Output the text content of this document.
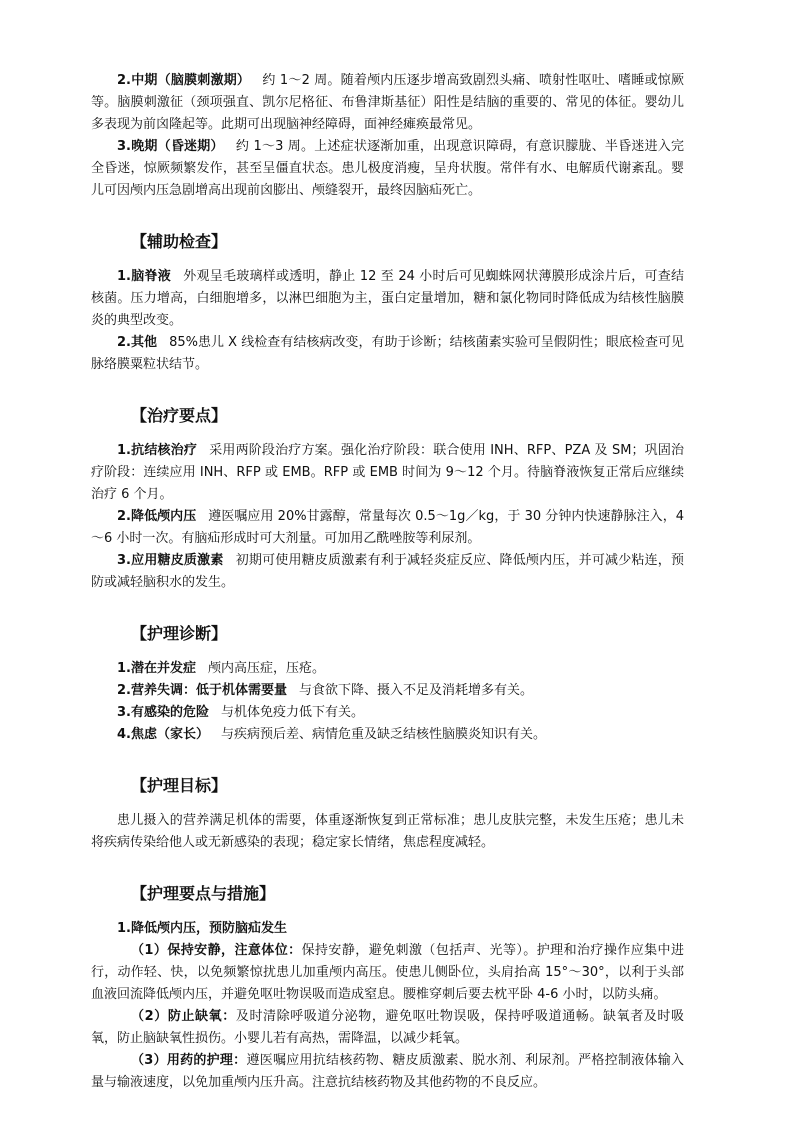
2.中期（脑膜刺激期） 约 1～2 周。随着颅内压逐步增高致剧烈头痛、喷射性呕吐、嗜睡或惊厥等。脑膜刺激征（颈项强直、凯尔尼格征、布鲁津斯基征）阳性是结脑的重要的、常见的体征。婴幼儿多表现为前囟隆起等。此期可出现脑神经障碍，面神经瘫痪最常见。

3.晚期（昏迷期） 约 1～3 周。上述症状逐渐加重，出现意识障碍，有意识朦胧、半昏迷进入完全昏迷，惊厥频繁发作，甚至呈僵直状态。患儿极度消瘦，呈舟状腹。常伴有水、电解质代谢紊乱。婴儿可因颅内压急剧增高出现前囟膨出、颅缝裂开，最终因脑疝死亡。

【辅助检查】

1.脑脊液 外观呈毛玻璃样或透明，静止 12 至 24 小时后可见蜘蛛网状薄膜形成涂片后，可查结核菌。压力增高，白细胞增多，以淋巴细胞为主，蛋白定量增加，糖和氯化物同时降低成为结核性脑膜炎的典型改变。

2.其他 85%患儿 X 线检查有结核病改变，有助于诊断；结核菌素实验可呈假阴性；眼底检查可见脉络膜粟粒状结节。

【治疗要点】

1.抗结核治疗 采用两阶段治疗方案。强化治疗阶段：联合使用 INH、RFP、PZA 及 SM；巩固治疗阶段：连续应用 INH、RFP 或 EMB。RFP 或 EMB 时间为 9～12 个月。待脑脊液恢复正常后应继续治疗 6 个月。

2.降低颅内压 遵医嘱应用 20%甘露醇，常量每次 0.5～1g／kg，于 30 分钟内快速静脉注入，4～6 小时一次。有脑疝形成时可大剂量。可加用乙酰唑胺等利尿剂。

3.应用糖皮质激素 初期可使用糖皮质激素有利于减轻炎症反应、降低颅内压，并可减少粘连，预防或减轻脑积水的发生。

【护理诊断】

1.潜在并发症 颅内高压症，压疮。

2.营养失调：低于机体需要量 与食欲下降、摄入不足及消耗增多有关。

3.有感染的危险 与机体免疫力低下有关。

4.焦虑（家长） 与疾病预后差、病情危重及缺乏结核性脑膜炎知识有关。

【护理目标】

患儿摄入的营养满足机体的需要，体重逐渐恢复到正常标准；患儿皮肤完整，未发生压疮；患儿未将疾病传染给他人或无新感染的表现；稳定家长情绪，焦虑程度减轻。

【护理要点与措施】

1.降低颅内压，预防脑疝发生

（1）保持安静，注意体位：保持安静，避免刺激（包括声、光等）。护理和治疗操作应集中进行，动作轻、快，以免频繁惊扰患儿加重颅内高压。使患儿侧卧位，头肩抬高 15°～30°，以利于头部血液回流降低颅内压，并避免呕吐物误吸而造成窒息。腰椎穿刺后要去枕平卧 4-6 小时，以防头痛。

（2）防止缺氧：及时清除呼吸道分泌物，避免呕吐物误吸，保持呼吸道通畅。缺氧者及时吸氧，防止脑缺氧性损伤。小婴儿若有高热，需降温，以减少耗氧。

（3）用药的护理：遵医嘱应用抗结核药物、糖皮质激素、脱水剂、利尿剂。严格控制液体输入量与输液速度，以免加重颅内压升高。注意抗结核药物及其他药物的不良反应。
